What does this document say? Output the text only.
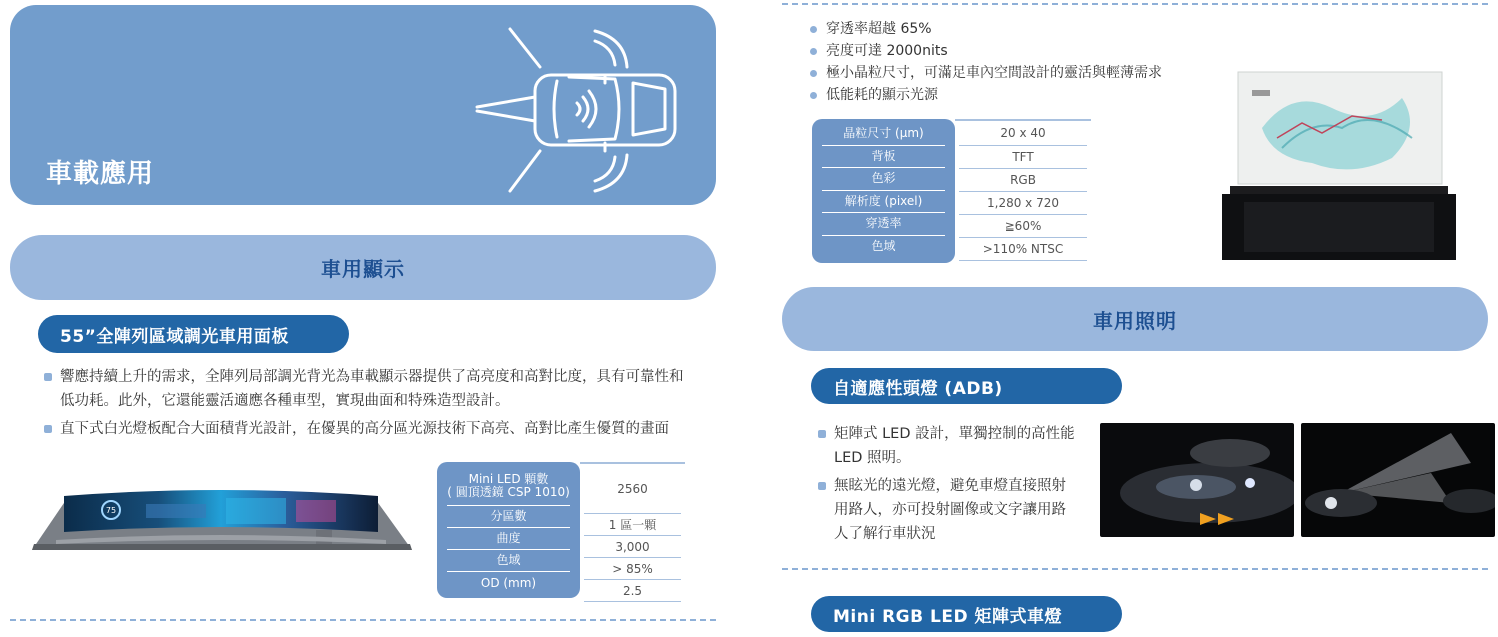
車載應用
車用顯示
55”全陣列區域調光車用面板
響應持續上升的需求，全陣列局部調光背光為車載顯示器提供了高亮度和高對比度，具有可靠性和低功耗。此外，它還能靈活適應各種車型，實現曲面和特殊造型設計。
直下式白光燈板配合大面積背光設計，在優異的高分區光源技術下高亮、高對比產生優質的畫面
75
Mini LED 顆數
( 圓頂透鏡 CSP 1010)
分區數
曲度
色域
OD (mm)
2560
1 區一顆
3,000
> 85%
2.5
穿透率超越 65%
亮度可達 2000nits
極小晶粒尺寸，可滿足車內空間設計的靈活與輕薄需求
低能耗的顯示光源
晶粒尺寸 (μm)
背板
色彩
解析度 (pixel)
穿透率
色域
20 x 40
TFT
RGB
1,280 x 720
≧60%
>110% NTSC
車用照明
自適應性頭燈 (ADB)
矩陣式 LED 設計，單獨控制的高性能 LED 照明。
無眩光的遠光燈，避免車燈直接照射用路人，亦可投射圖像或文字讓用路人了解行車狀況
Mini RGB LED 矩陣式車燈
